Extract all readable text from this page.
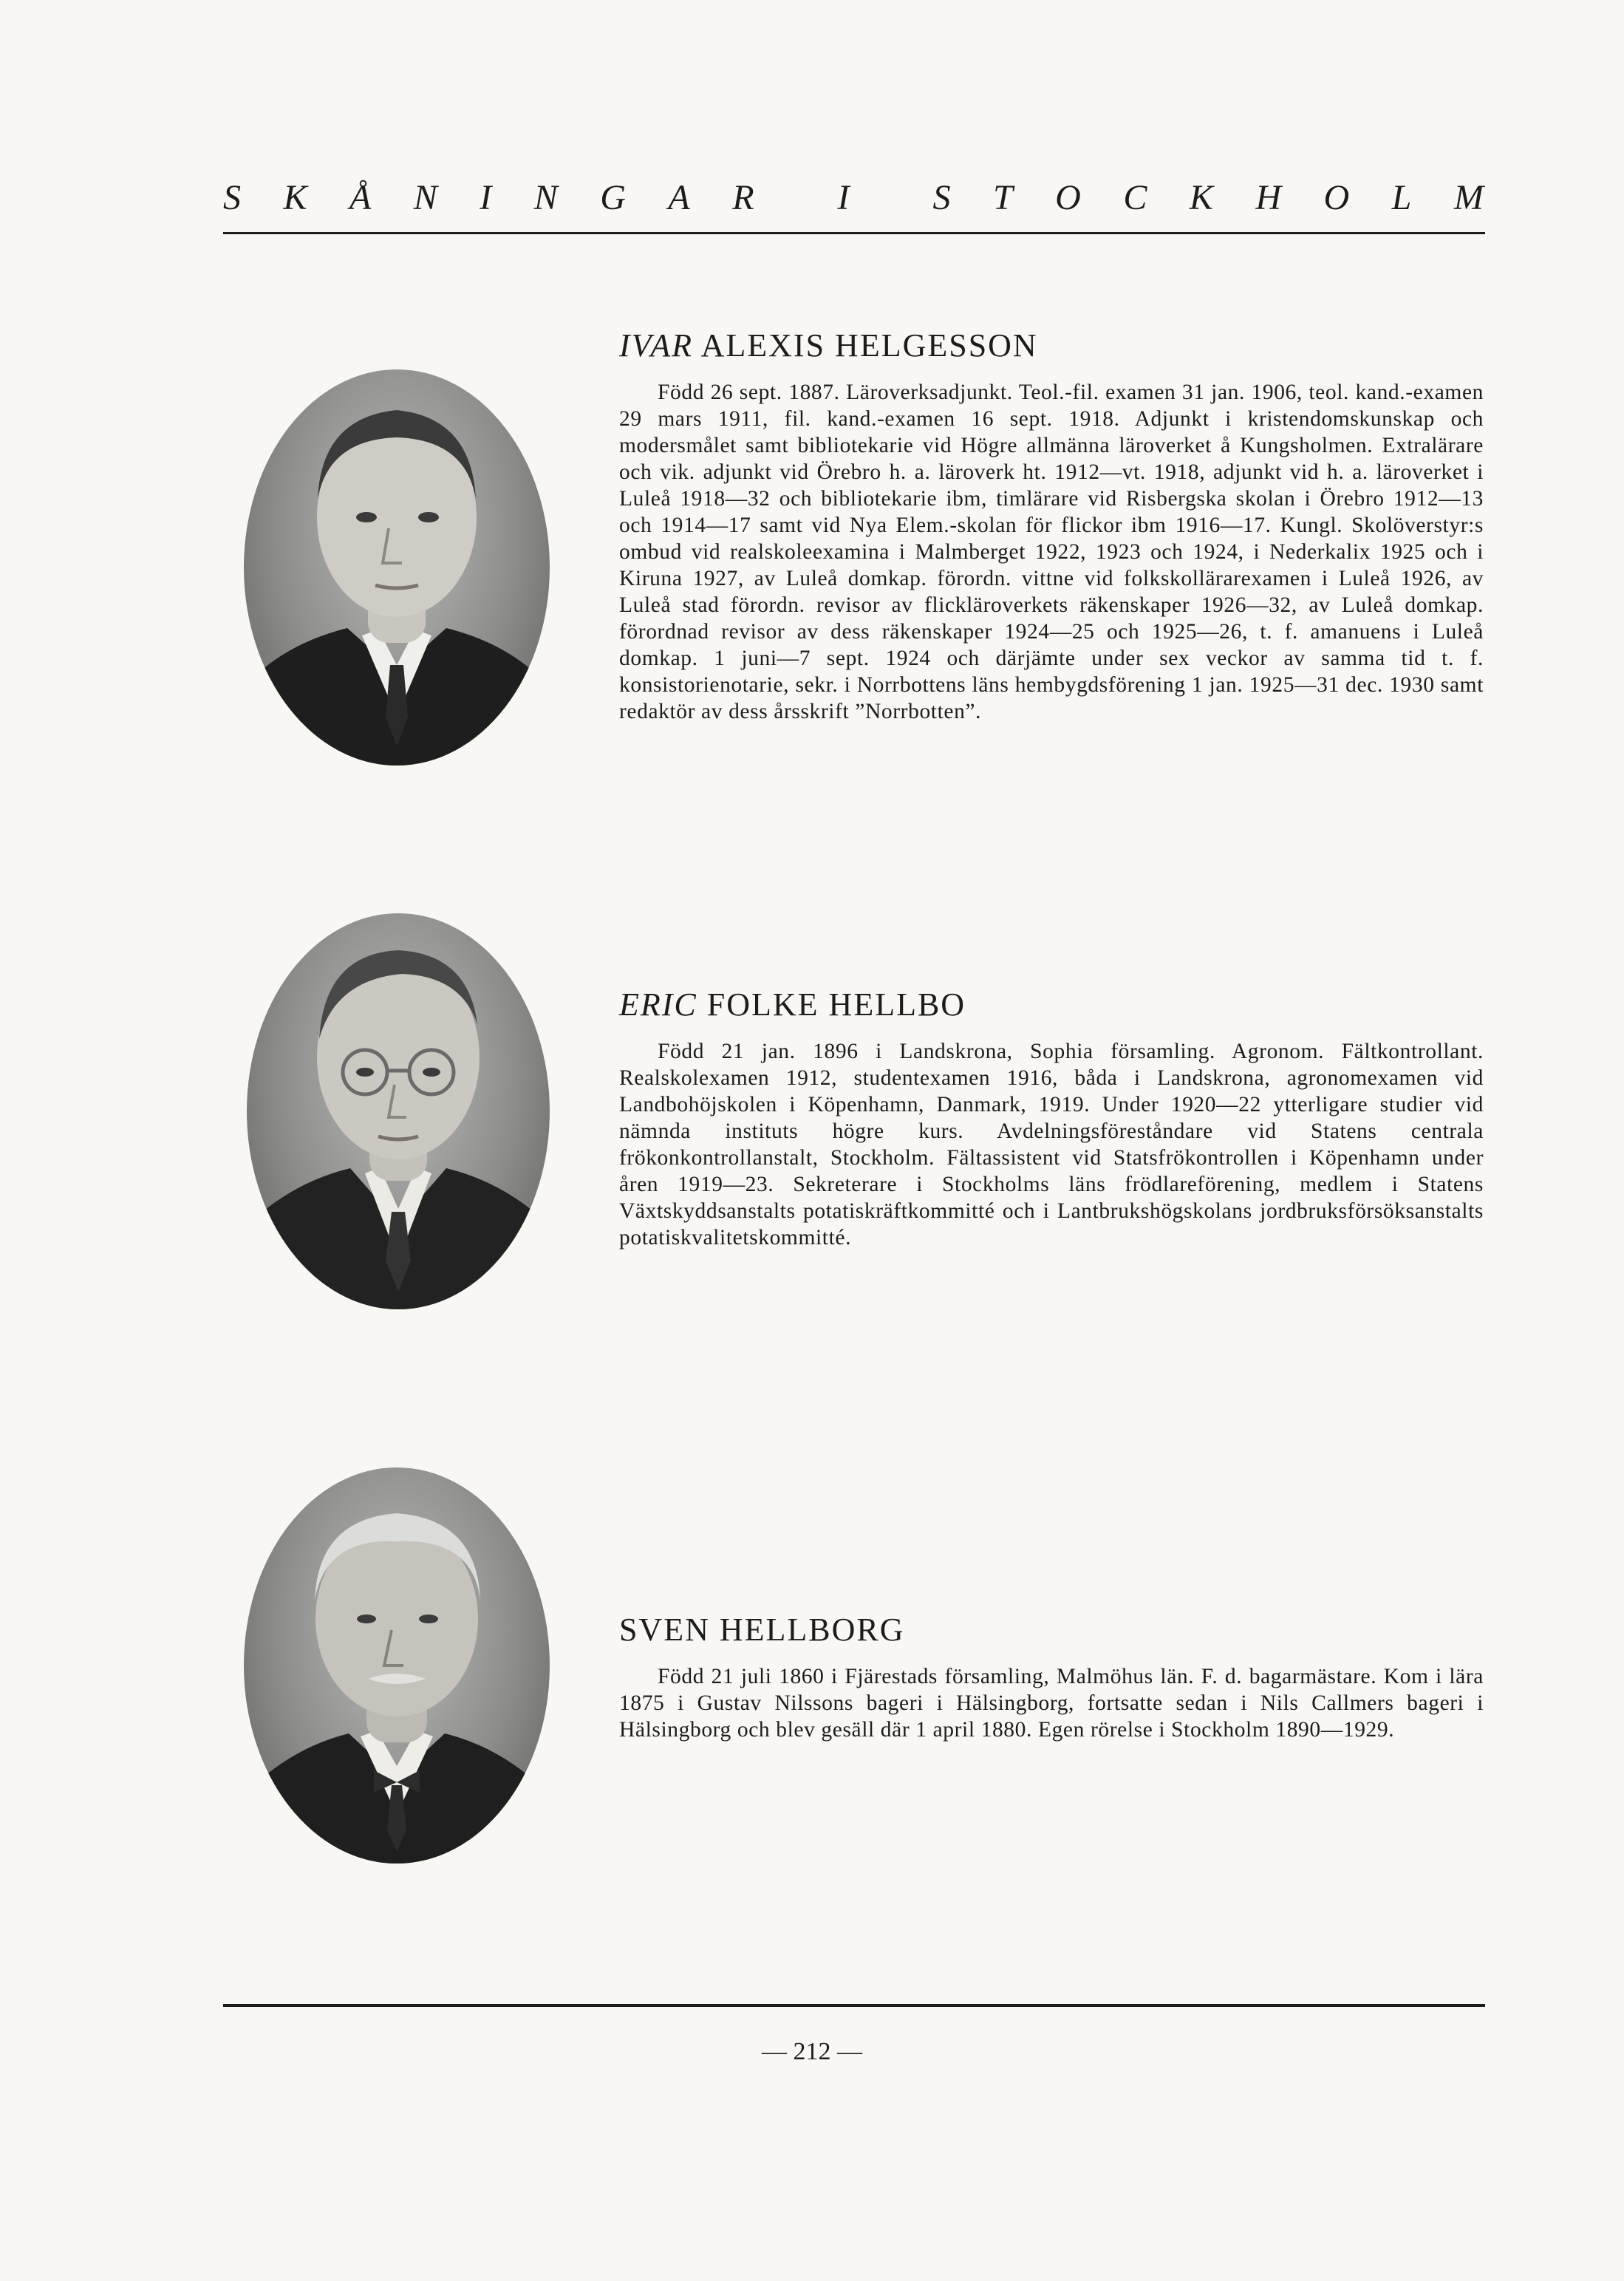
S K Å N I N G A R I S T O C K H O L M
IVAR ALEXIS HELGESSON

Född 26 sept. 1887. Läroverksadjunkt. Teol.-fil. examen 31 jan. 1906, teol. kand.-examen 29 mars 1911, fil. kand.-examen 16 sept. 1918. Adjunkt i kristendomskunskap och modersmålet samt bibliotekarie vid Högre allmänna läroverket å Kungsholmen. Extralärare och vik. adjunkt vid Örebro h. a. läroverk ht. 1912—vt. 1918, adjunkt vid h. a. läroverket i Luleå 1918—32 och bibliotekarie ibm, timlärare vid Risbergska skolan i Örebro 1912—13 och 1914—17 samt vid Nya Elem.-skolan för flickor ibm 1916—17. Kungl. Skolöverstyr:s ombud vid realskoleexamina i Malmberget 1922, 1923 och 1924, i Nederkalix 1925 och i Kiruna 1927, av Luleå domkap. förordn. vittne vid folkskollärarexamen i Luleå 1926, av Luleå stad förordn. revisor av flickläroverkets räkenskaper 1926—32, av Luleå domkap. förordnad revisor av dess räkenskaper 1924—25 och 1925—26, t. f. amanuens i Luleå domkap. 1 juni—7 sept. 1924 och därjämte under sex veckor av samma tid t. f. konsistorienotarie, sekr. i Norrbottens läns hembygdsförening 1 jan. 1925—31 dec. 1930 samt redaktör av dess årsskrift ”Norrbotten”.

ERIC FOLKE HELLBO

Född 21 jan. 1896 i Landskrona, Sophia församling. Agronom. Fältkontrollant. Realskolexamen 1912, studentexamen 1916, båda i Landskrona, agronomexamen vid Landbohöjskolen i Köpenhamn, Danmark, 1919. Under 1920—22 ytterligare studier vid nämnda instituts högre kurs. Avdelningsföreståndare vid Statens centrala frökonkontrollanstalt, Stockholm. Fältassistent vid Statsfrökontrollen i Köpenhamn under åren 1919—23. Sekreterare i Stockholms läns frödlareförening, medlem i Statens Växtskyddsanstalts potatiskräftkommitté och i Lantbrukshögskolans jordbruksförsöksanstalts potatiskvalitetskommitté.

SVEN HELLBORG

Född 21 juli 1860 i Fjärestads församling, Malmöhus län. F. d. bagarmästare. Kom i lära 1875 i Gustav Nilssons bageri i Hälsingborg, fortsatte sedan i Nils Callmers bageri i Hälsingborg och blev gesäll där 1 april 1880. Egen rörelse i Stockholm 1890—1929.

— 212 —
